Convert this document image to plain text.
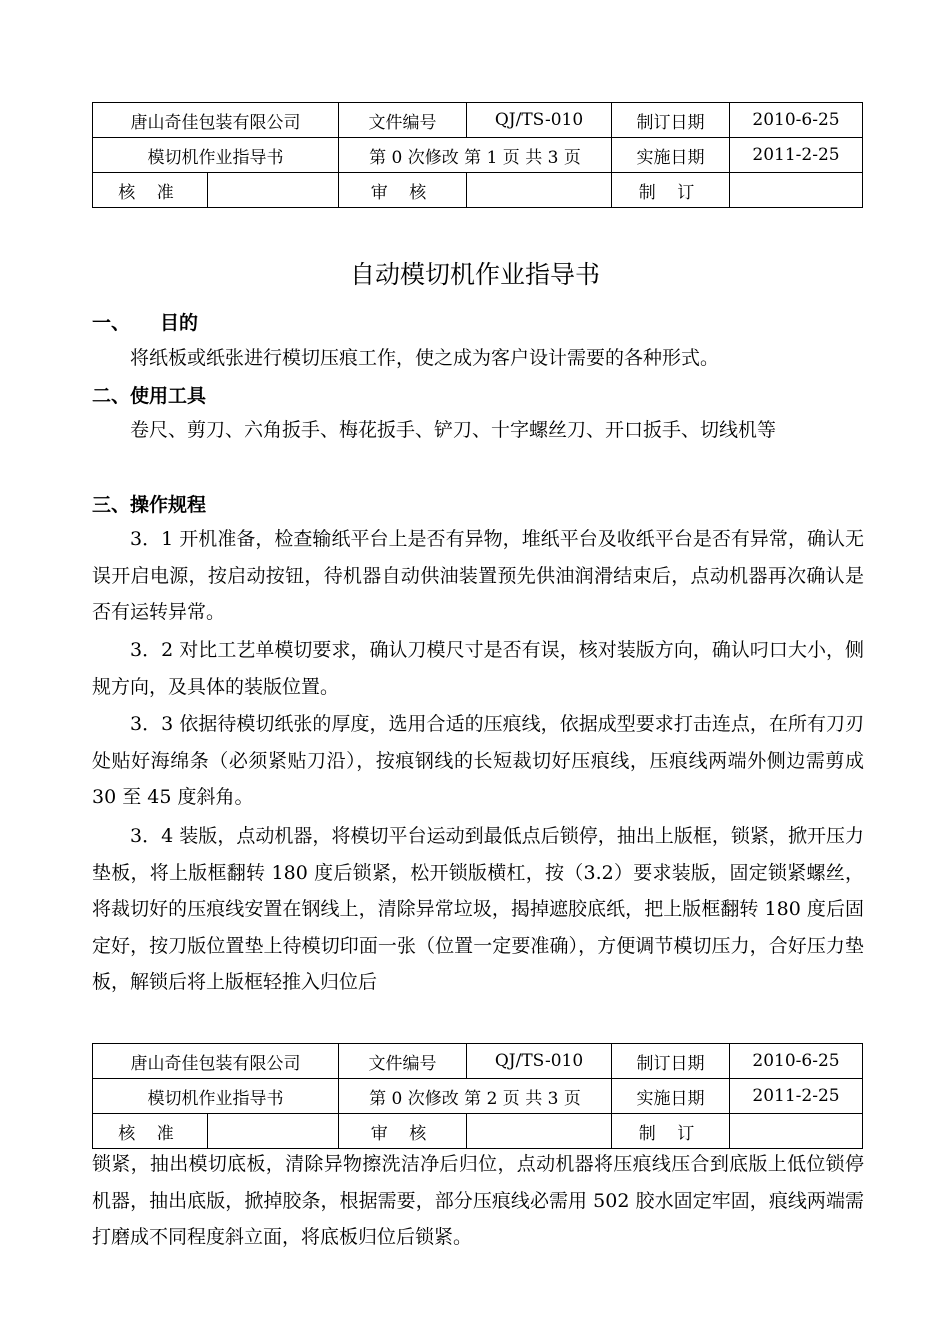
唐山奇佳包装有限公司		文件编号	QJ/TS-010	制订日期	2010-6-25
模切机作业指导书		第 0 次修改 第 1 页 共 3 页		实施日期	2011-2-25
核 准		审 核		制 订	
自动模切机作业指导书
一、 目的

将纸板或纸张进行模切压痕工作，使之成为客户设计需要的各种形式。

二、使用工具

卷尺、剪刀、六角扳手、梅花扳手、铲刀、十字螺丝刀、开口扳手、切线机等

三、操作规程

3．1 开机准备，检查输纸平台上是否有异物，堆纸平台及收纸平台是否有异常，确认无误开启电源，按启动按钮，待机器自动供油装置预先供油润滑结束后，点动机器再次确认是否有运转异常。

3．2 对比工艺单模切要求，确认刀模尺寸是否有误，核对装版方向，确认叼口大小，侧规方向，及具体的装版位置。

3．3 依据待模切纸张的厚度，选用合适的压痕线，依据成型要求打击连点，在所有刀刃处贴好海绵条（必须紧贴刀沿），按痕钢线的长短裁切好压痕线，压痕线两端外侧边需剪成 30 至 45 度斜角。

3．4 装版，点动机器，将模切平台运动到最低点后锁停，抽出上版框，锁紧，掀开压力垫板，将上版框翻转 180 度后锁紧，松开锁版横杠，按（3.2）要求装版，固定锁紧螺丝，将裁切好的压痕线安置在钢线上，清除异常垃圾，揭掉遮胶底纸，把上版框翻转 180 度后固定好，按刀版位置垫上待模切印面一张（位置一定要准确），方便调节模切压力，合好压力垫板，解锁后将上版框轻推入归位后

唐山奇佳包装有限公司		文件编号	QJ/TS-010	制订日期	2010-6-25
模切机作业指导书		第 0 次修改 第 2 页 共 3 页		实施日期	2011-2-25
核 准		审 核		制 订	

锁紧，抽出模切底板，清除异物擦洗洁净后归位，点动机器将压痕线压合到底版上低位锁停机器，抽出底版，掀掉胶条，根据需要，部分压痕线必需用 502 胶水固定牢固，痕线两端需打磨成不同程度斜立面，将底板归位后锁紧。
